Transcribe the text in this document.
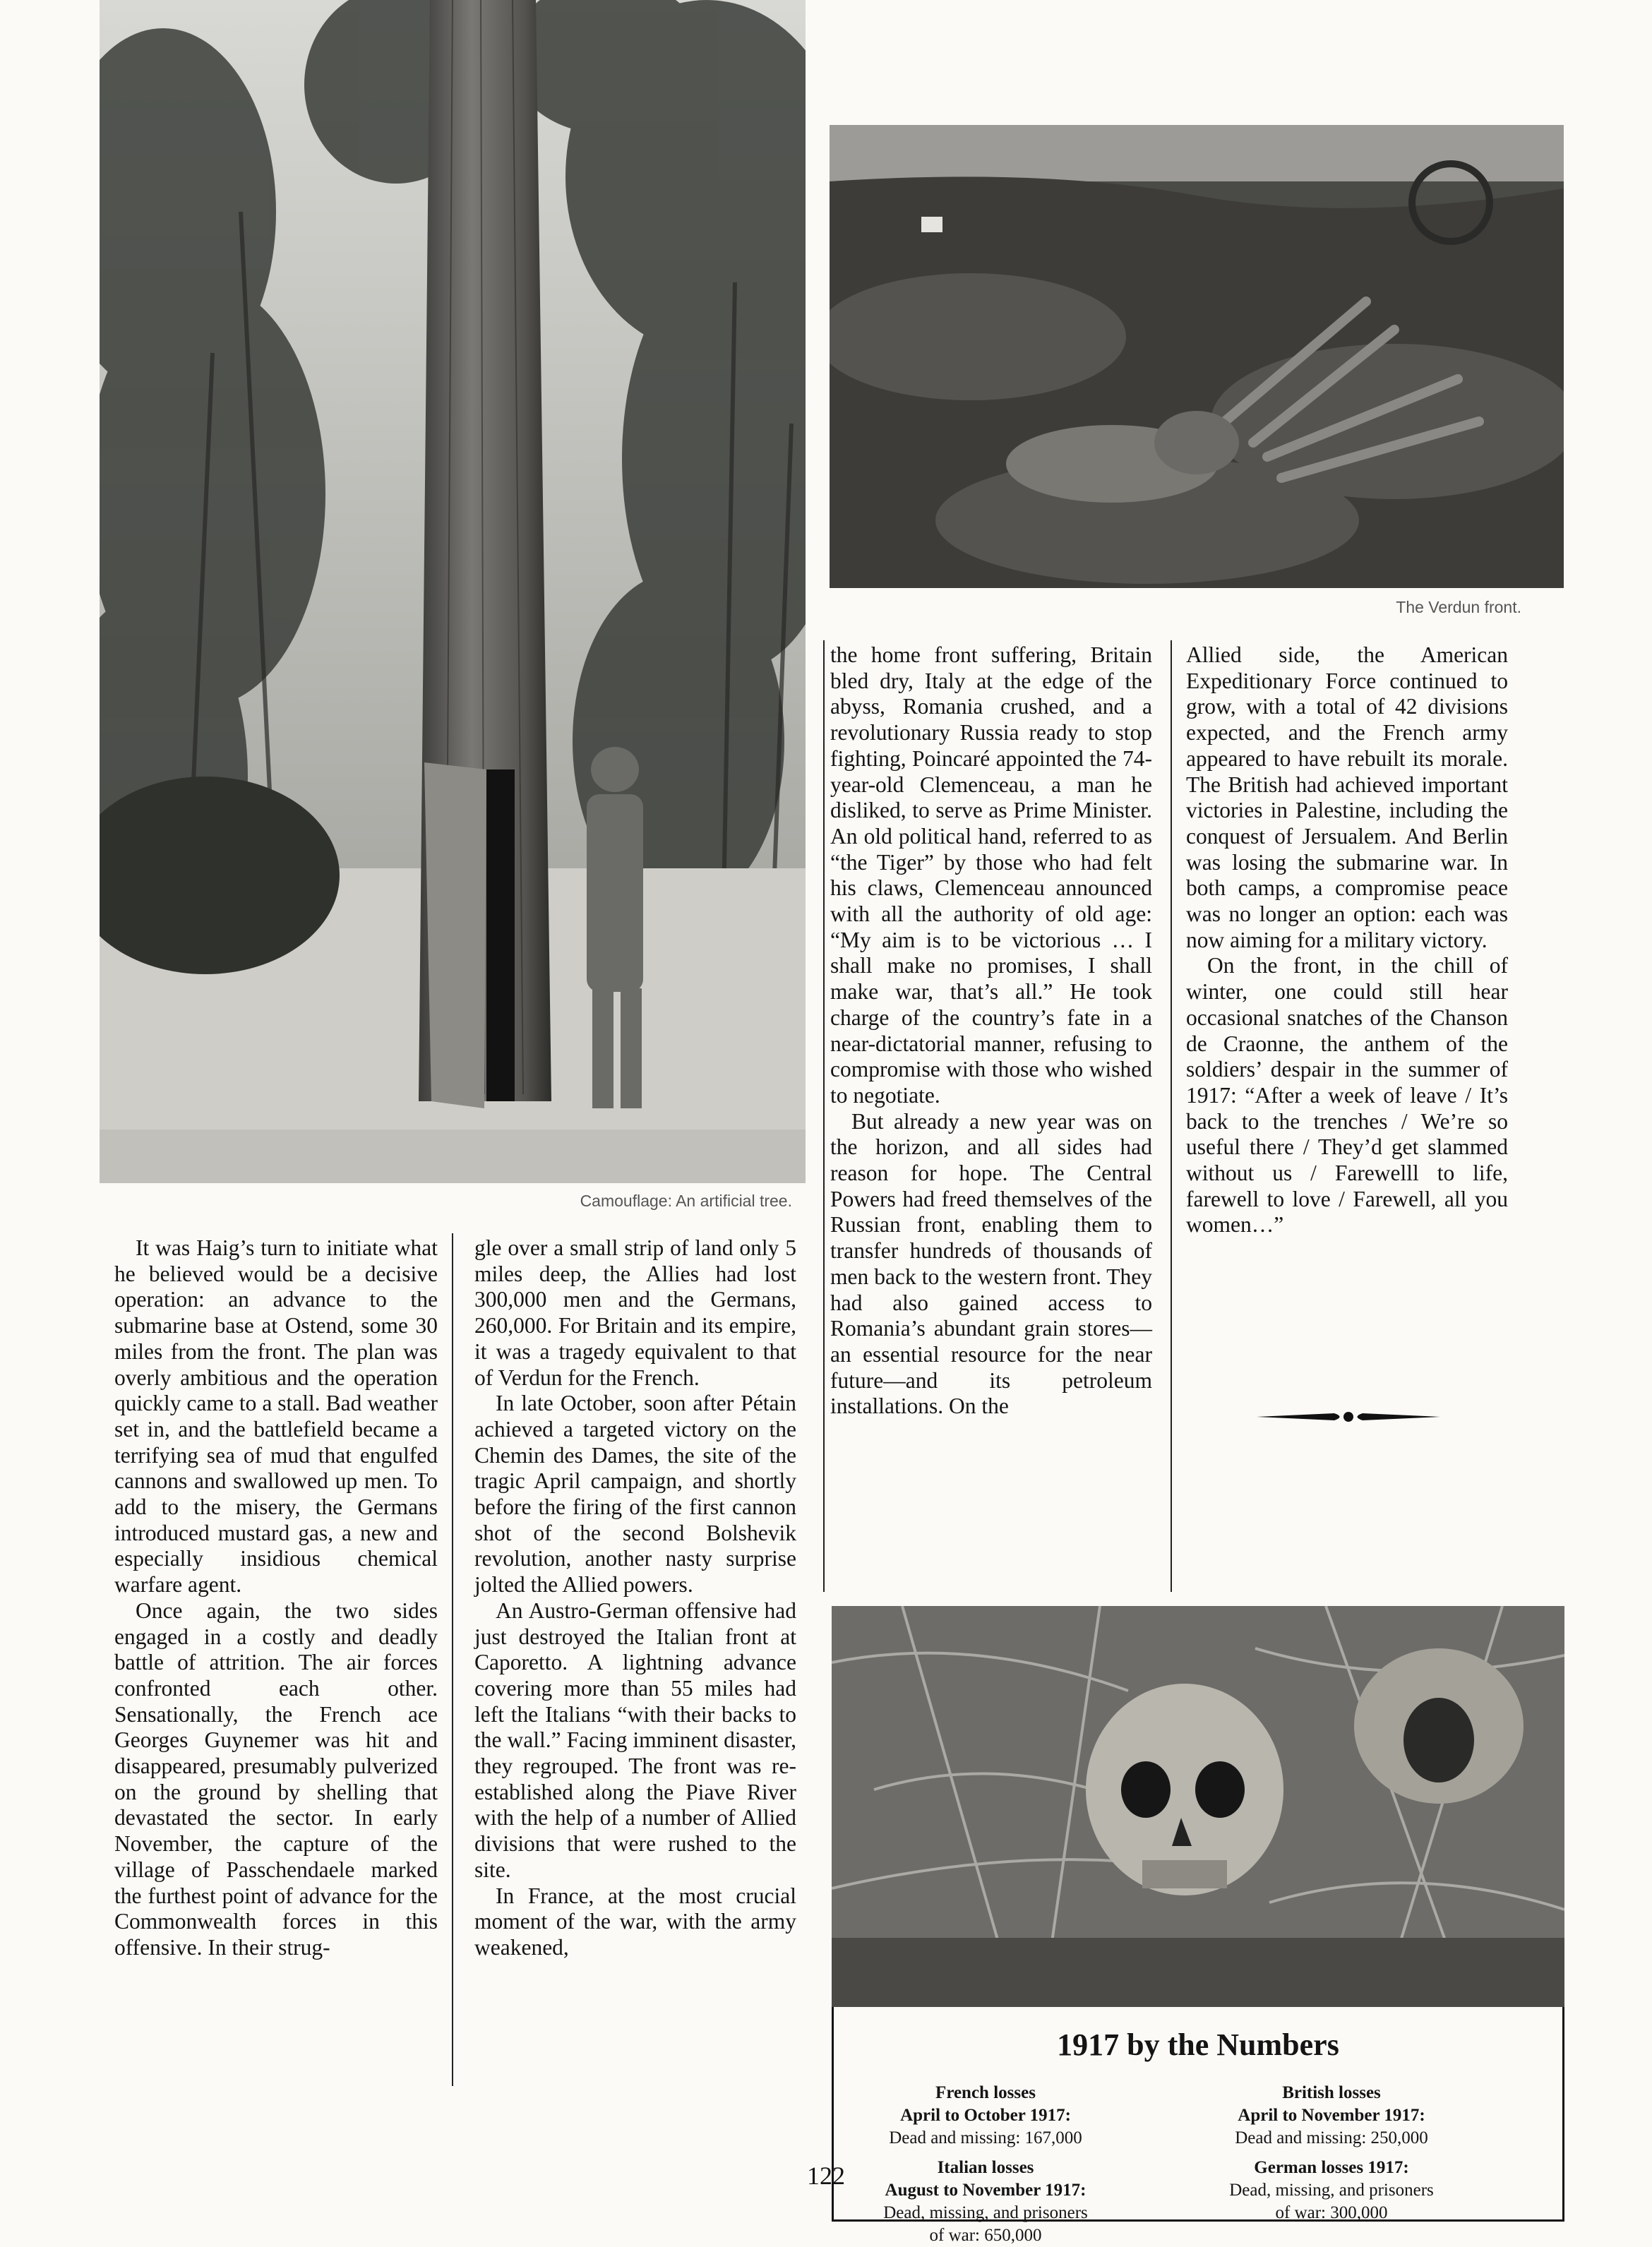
Camouflage: An artificial tree.

The Verdun front.

It was Haig’s turn to initiate what he believed would be a decisive operation: an advance to the submarine base at Ostend, some 30 miles from the front. The plan was overly ambitious and the operation quickly came to a stall. Bad weather set in, and the battlefield became a terrifying sea of mud that engulfed cannons and swallowed up men. To add to the misery, the Germans introduced mustard gas, a new and especially insidious chemical warfare agent.

Once again, the two sides engaged in a costly and deadly battle of attrition. The air forces confronted each other. Sensationally, the French ace Georges Guynemer was hit and disappeared, presumably pulverized on the ground by shelling that devastated the sector. In early November, the capture of the village of Passchendaele marked the furthest point of advance for the Commonwealth forces in this offensive. In their strug-

gle over a small strip of land only 5 miles deep, the Allies had lost 300,000 men and the Germans, 260,000. For Britain and its empire, it was a tragedy equivalent to that of Verdun for the French.

In late October, soon after Pétain achieved a targeted victory on the Chemin des Dames, the site of the tragic April campaign, and shortly before the firing of the first cannon shot of the second Bolshevik revolution, another nasty surprise jolted the Allied powers.

An Austro-German offensive had just destroyed the Italian front at Caporetto. A lightning advance covering more than 55 miles had left the Italians “with their backs to the wall.” Facing imminent disaster, they regrouped. The front was re-established along the Piave River with the help of a number of Allied divisions that were rushed to the site.

In France, at the most crucial moment of the war, with the army weakened,

the home front suffering, Britain bled dry, Italy at the edge of the abyss, Romania crushed, and a revolutionary Russia ready to stop fighting, Poincaré appointed the 74-year-old Clemenceau, a man he disliked, to serve as Prime Minister. An old political hand, referred to as “the Tiger” by those who had felt his claws, Clemenceau announced with all the authority of old age: “My aim is to be victorious … I shall make no promises, I shall make war, that’s all.” He took charge of the country’s fate in a near-dictatorial manner, refusing to compromise with those who wished to negotiate.

But already a new year was on the horizon, and all sides had reason for hope. The Central Powers had freed themselves of the Russian front, enabling them to transfer hundreds of thousands of men back to the western front. They had also gained access to Romania’s abundant grain stores—an essential resource for the near future—and its petroleum installations. On the

Allied side, the American Expeditionary Force continued to grow, with a total of 42 divisions expected, and the French army appeared to have rebuilt its morale. The British had achieved important victories in Palestine, including the conquest of Jersualem. And Berlin was losing the submarine war. In both camps, a compromise peace was no longer an option: each was now aiming for a military victory.

On the front, in the chill of winter, one could still hear occasional snatches of the Chanson de Craonne, the anthem of the soldiers’ despair in the summer of 1917: “After a week of leave / It’s back to the trenches / We’re so useful there / They’d get slammed without us / Farewelll to life, farewell to love / Farewell, all you women…”

1917 by the Numbers

French losses
April to October 1917:
Dead and missing: 167,000
Italian losses
August to November 1917:
Dead, missing, and prisoners
of war: 650,000
British losses
April to November 1917:
Dead and missing: 250,000
German losses 1917:
Dead, missing, and prisoners
of war: 300,000

122
